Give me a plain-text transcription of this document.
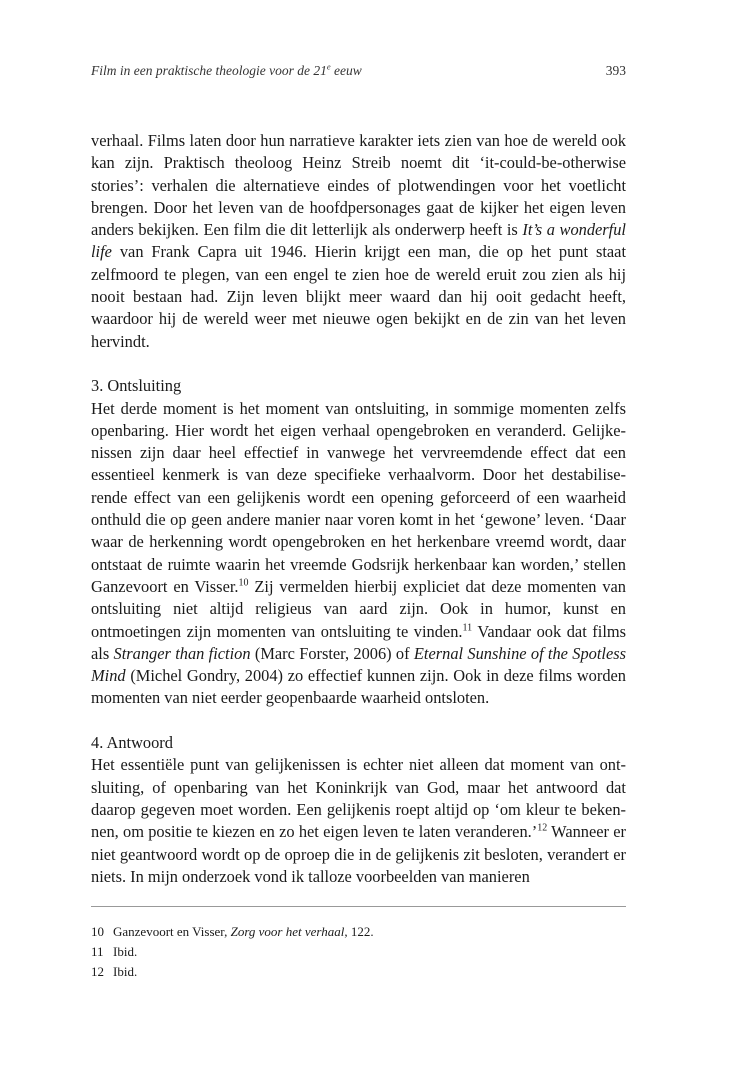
Film in een praktische theologie voor de 21e eeuw	393

verhaal. Films laten door hun narratieve karakter iets zien van hoe de wereld ook kan zijn. Praktisch theoloog Heinz Streib noemt dit ‘it-could-be-otherwise stories’: verhalen die alternatieve eindes of plotwendingen voor het voetlicht brengen. Door het leven van de hoofdpersonages gaat de kijker het eigen leven anders bekijken. Een film die dit letterlijk als onderwerp heeft is It’s a wonderful life van Frank Capra uit 1946. Hierin krijgt een man, die op het punt staat zelfmoord te plegen, van een engel te zien hoe de wereld eruit zou zien als hij nooit bestaan had. Zijn leven blijkt meer waard dan hij ooit gedacht heeft, waardoor hij de wereld weer met nieuwe ogen bekijkt en de zin van het leven hervindt.

3. Ontsluiting

Het derde moment is het moment van ontsluiting, in sommige momenten zelfs openbaring. Hier wordt het eigen verhaal opengebroken en veranderd. Gelijkenissen zijn daar heel effectief in vanwege het vervreemdende effect dat een essentieel kenmerk is van deze specifieke verhaalvorm. Door het destabiliserende effect van een gelijkenis wordt een opening geforceerd of een waarheid onthuld die op geen andere manier naar voren komt in het ‘gewone’ leven. ‘Daar waar de herkenning wordt opengebroken en het herkenbare vreemd wordt, daar ontstaat de ruimte waarin het vreemde Godsrijk herkenbaar kan worden,’ stellen Ganzevoort en Visser.$^{10}$ Zij vermelden hierbij expliciet dat deze momenten van ontsluiting niet altijd religieus van aard zijn. Ook in humor, kunst en ontmoetingen zijn momenten van ontsluiting te vinden.$^{11}$ Vandaar ook dat films als Stranger than fiction (Marc Forster, 2006) of Eternal Sunshine of the Spotless Mind (Michel Gondry, 2004) zo effectief kunnen zijn. Ook in deze films worden momenten van niet eerder geopenbaarde waarheid ontsloten.

4. Antwoord

Het essentiële punt van gelijkenissen is echter niet alleen dat moment van ontsluiting, of openbaring van het Koninkrijk van God, maar het antwoord dat daarop gegeven moet worden. Een gelijkenis roept altijd op ‘om kleur te bekennen, om positie te kiezen en zo het eigen leven te laten veranderen.’$^{12}$ Wanneer er niet geantwoord wordt op de oproep die in de gelijkenis zit besloten, verandert er niets. In mijn onderzoek vond ik talloze voorbeelden van manieren

10 Ganzevoort en Visser, Zorg voor het verhaal, 122.
11 Ibid.
12 Ibid.
